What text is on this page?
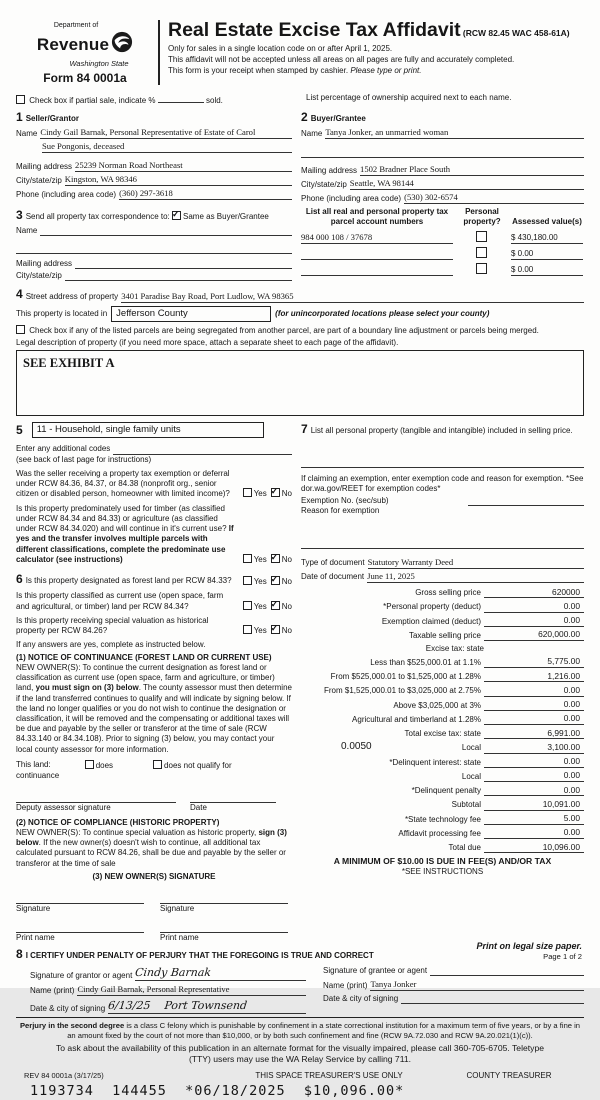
Department of
Revenue
Washington State
Form 84 0001a
Real Estate Excise Tax Affidavit (RCW 82.45 WAC 458-61A)

Only for sales in a single location code on or after April 1, 2025.

This affidavit will not be accepted unless all areas on all pages are fully and accurately completed.

This form is your receipt when stamped by cashier. Please type or print.

Check box if partial sale, indicate %	sold.	List percentage of ownership acquired next to each name.
1 Seller/Grantor
Name Cindy Gail Barnak, Personal Representative of Estate of Carol
Sue Pongonis, deceased
Mailing address 25239 Norman Road Northeast
City/state/zip Kingston, WA 98346
Phone (including area code) (360) 297-3618
3 Send all property tax correspondence to: ✓ Same as Buyer/Grantee
Name
Mailing address
City/state/zip
2 Buyer/Grantee
Name Tanya Jonker, an unmarried woman
Mailing address 1502 Bradner Place South
City/state/zip Seattle, WA 98144
Phone (including area code) (530) 302-6574
List all real and personal property tax parcel account numbers
Personal property?	Assessed value(s)
984 000 108 / 37678	$ 430,180.00
$ 0.00
$ 0.00
4 Street address of property 3401 Paradise Bay Road, Port Ludlow, WA 98365
This property is located in Jefferson County	(for unincorporated locations please select your county)
Check box if any of the listed parcels are being segregated from another parcel, are part of a boundary line adjustment or parcels being merged.
Legal description of property (if you need more space, attach a separate sheet to each page of the affidavit).
SEE EXHIBIT A
5	11 - Household, single family units
Enter any additional codes
(see back of last page for instructions)
Was the seller receiving a property tax exemption or deferral under RCW 84.36, 84.37, or 84.38 (nonprofit org., senior citizen or disabled person, homeowner with limited income)?	Yes ✓ No
Is this property predominately used for timber (as classified under RCW 84.34 and 84.33) or agriculture (as classified under RCW 84.34.020) and will continue in it's current use? If yes and the transfer involves multiple parcels with different classifications, complete the predominate use calculator (see instructions)	Yes ✓ No
6 Is this property designated as forest land per RCW 84.33?	Yes ✓ No
Is this property classified as current use (open space, farm and agricultural, or timber) land per RCW 84.34?	Yes ✓ No
Is this property receiving special valuation as historical property per RCW 84.26?	Yes ✓ No
If any answers are yes, complete as instructed below.
(1) NOTICE OF CONTINUANCE (FOREST LAND OR CURRENT USE)
NEW OWNER(S): To continue the current designation as forest land or classification as current use (open space, farm and agriculture, or timber) land, you must sign on (3) below. The county assessor must then determine if the land transferred continues to qualify and will indicate by signing below. If the land no longer qualifies or you do not wish to continue the designation or classification, it will be removed and the compensating or additional taxes will be due and payable by the seller or transferor at the time of sale (RCW 84.33.140 or 84.34.108). Prior to signing (3) below, you may contact your local county assessor for more information.
This land:	does	does not qualify for
continuance
Deputy assessor signature	Date
(2) NOTICE OF COMPLIANCE (HISTORIC PROPERTY)
NEW OWNER(S): To continue special valuation as historic property, sign (3) below. If the new owner(s) doesn't wish to continue, all additional tax calculated pursuant to RCW 84.26, shall be due and payable by the seller or transferor at the time of sale
(3) NEW OWNER(S) SIGNATURE
Signature	Signature
Print name	Print name
7 List all personal property (tangible and intangible) included in selling price.
If claiming an exemption, enter exemption code and reason for exemption. *See dor.wa.gov/REET for exemption codes*
Exemption No. (sec/sub)
Reason for exemption
Type of document Statutory Warranty Deed
Date of document June 11, 2025
Gross selling price	620000
*Personal property (deduct)	0.00
Exemption claimed (deduct)	0.00
Taxable selling price	620,000.00
Excise tax: state
Less than $525,000.01 at 1.1%	5,775.00
From $525,000.01 to $1,525,000 at 1.28%	1,216.00
From $1,525,000.01 to $3,025,000 at 2.75%	0.00
Above $3,025,000 at 3%	0.00
Agricultural and timberland at 1.28%	0.00
Total excise tax: state	6,991.00
0.0050	Local	3,100.00
*Delinquent interest: state	0.00
Local	0.00
*Delinquent penalty	0.00
Subtotal	10,091.00
*State technology fee	5.00
Affidavit processing fee	0.00
Total due	10,096.00
A MINIMUM OF $10.00 IS DUE IN FEE(S) AND/OR TAX
*SEE INSTRUCTIONS
8 I CERTIFY UNDER PENALTY OF PERJURY THAT THE FOREGOING IS TRUE AND CORRECT
Signature of grantor or agent Cindy Barnak
Name (print) Cindy Gail Barnak, Personal Representative
Date & city of signing 6/13/25    Port Townsend
Signature of grantee or agent
Name (print) Tanya Jonker
Date & city of signing
Perjury in the second degree is a class C felony which is punishable by confinement in a state correctional institution for a maximum term of five years, or by a fine in an amount fixed by the court of not more than $10,000, or by both such confinement and fine (RCW 9A.72.030 and RCW 9A.20.021(1)(c)).
To ask about the availability of this publication in an alternate format for the visually impaired, please call 360-705-6705. Teletype (TTY) users may use the WA Relay Service by calling 711.
REV 84 0001a (3/17/25)	THIS SPACE TREASURER'S USE ONLY	COUNTY TREASURER
1193734  144455  *06/18/2025  $10,096.00*
Print on legal size paper.
Page 1 of 2
